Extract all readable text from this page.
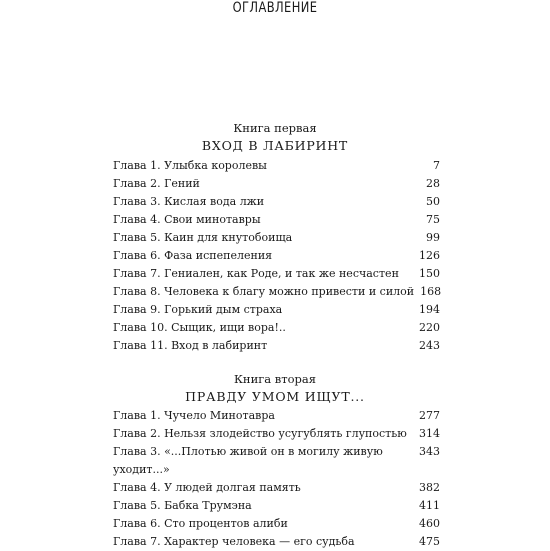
ОГЛАВЛЕНИЕ
Книга первая
ВХОД В ЛАБИРИНТ
Глава 1. Улыбка королевы	7
Глава 2. Гений	28
Глава 3. Кислая вода лжи	50
Глава 4. Свои минотавры	75
Глава 5. Каин для кнутобоища	99
Глава 6. Фаза испепеления	126
Глава 7. Гениален, как Роде, и так же несчастен 150
Глава 8. Человека к благу можно привести и силой 168
Глава 9. Горький дым страха	194
Глава 10. Сыщик, ищи вора!..	220
Глава 11. Вход в лабиринт	243
Книга вторая
ПРАВДУ УМОМ ИЩУТ...
Глава 1. Чучело Минотавра	277
Глава 2. Нельзя злодейство усугублять глупостью 314
Глава 3. «...Плотью живой он в могилу живую
уходит...»
343
Глава 4. У людей долгая память	382
Глава 5. Бабка Трумэна	411
Глава 6. Сто процентов алиби	460
Глава 7. Характер человека — его судьба	475
